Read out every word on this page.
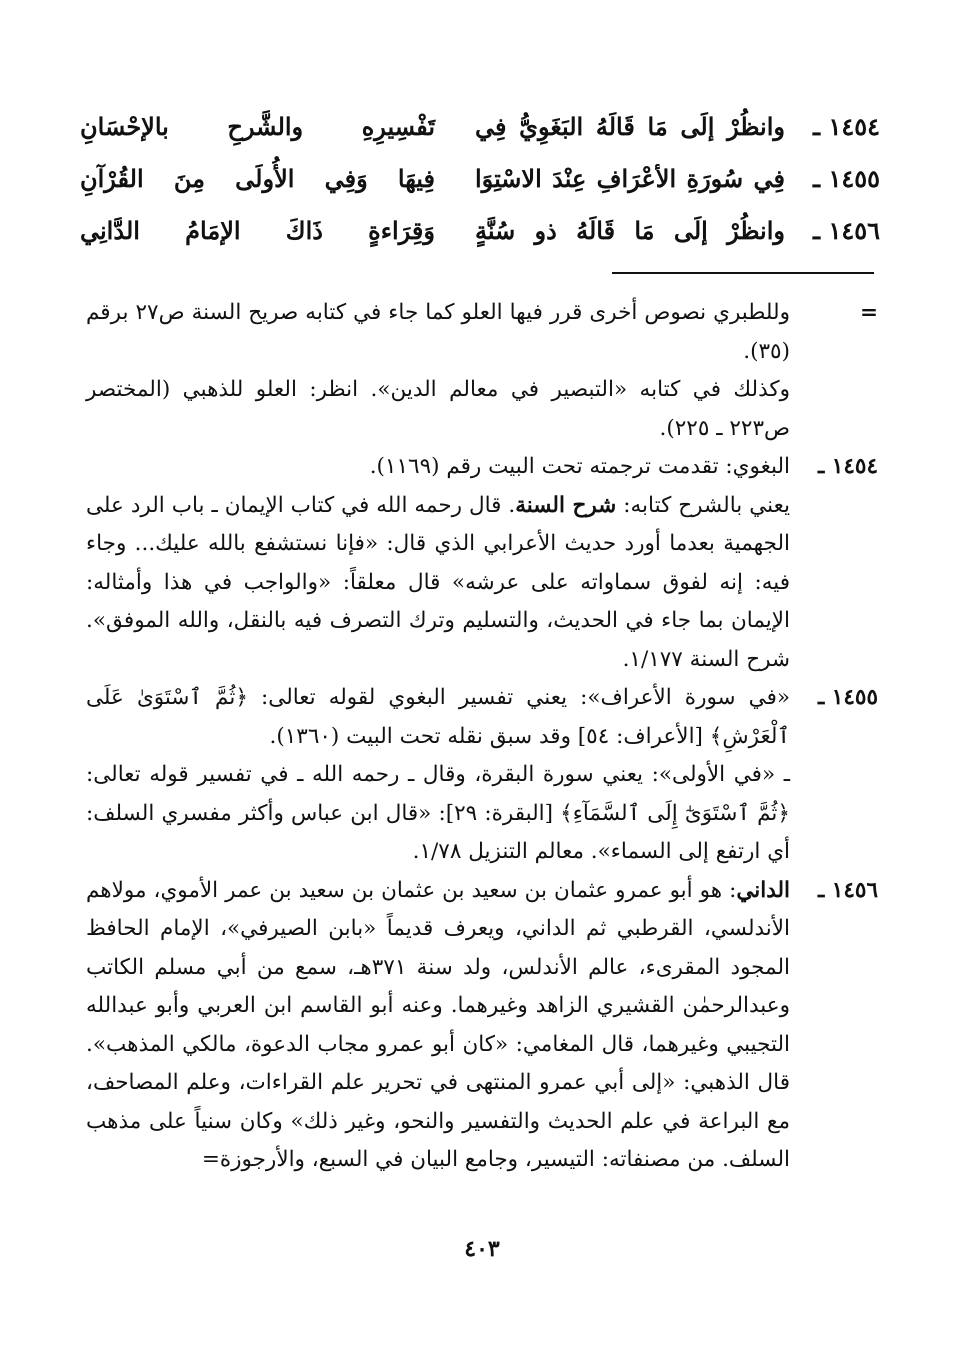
١٤٥٤ ـ
وانظُرْ إلَى مَا قَالَهُ البَغَوِيُّ فِي
تَفْسِيرِهِ والشَّرحِ بالإحْسَانِ
١٤٥٥ ـ
فِي سُورَةِ الأعْرَافِ عِنْدَ الاسْتِوَا
فِيهَا وَفِي الأُولَى مِنَ القُرْآنِ
١٤٥٦ ـ
وانظُرْ إلَى مَا قَالَهُ ذو سُنَّةٍ
وَقِرَاءةٍ ذَاكَ الإمَامُ الدَّانِي
=

وللطبري نصوص أخرى قرر فيها العلو كما جاء في كتابه صريح السنة ص٢٧ برقم (٣٥).

وكذلك في كتابه «التبصير في معالم الدين». انظر: العلو للذهبي (المختصر ص٢٢٣ ـ ٢٢٥).

١٤٥٤ ـ

البغوي: تقدمت ترجمته تحت البيت رقم (١١٦٩).

يعني بالشرح كتابه: شرح السنة. قال رحمه الله في كتاب الإيمان ـ باب الرد على الجهمية بعدما أورد حديث الأعرابي الذي قال: «فإنا نستشفع بالله عليك... وجاء فيه: إنه لفوق سماواته على عرشه» قال معلقاً: «والواجب في هذا وأمثاله: الإيمان بما جاء في الحديث، والتسليم وترك التصرف فيه بالنقل، والله الموفق». شرح السنة ١/١٧٧.

١٤٥٥ ـ

«في سورة الأعراف»: يعني تفسير البغوي لقوله تعالى: ﴿ثُمَّ ٱسْتَوَىٰ عَلَى ٱلْعَرْشِ﴾ [الأعراف: ٥٤] وقد سبق نقله تحت البيت (١٣٦٠).

ـ «في الأولى»: يعني سورة البقرة، وقال ـ رحمه الله ـ في تفسير قوله تعالى: ﴿ثُمَّ ٱسْتَوَىٰٓ إِلَى ٱلسَّمَآءِ﴾ [البقرة: ٢٩]: «قال ابن عباس وأكثر مفسري السلف: أي ارتفع إلى السماء». معالم التنزيل ١/٧٨.

١٤٥٦ ـ

الداني: هو أبو عمرو عثمان بن سعيد بن عثمان بن سعيد بن عمر الأموي، مولاهم الأندلسي، القرطبي ثم الداني، ويعرف قديماً «بابن الصيرفي»، الإمام الحافظ المجود المقرىء، عالم الأندلس، ولد سنة ٣٧١هـ، سمع من أبي مسلم الكاتب وعبدالرحمٰن القشيري الزاهد وغيرهما. وعنه أبو القاسم ابن العربي وأبو عبدالله التجيبي وغيرهما، قال المغامي: «كان أبو عمرو مجاب الدعوة، مالكي المذهب». قال الذهبي: «إلى أبي عمرو المنتهى في تحرير علم القراءات، وعلم المصاحف، مع البراعة في علم الحديث والتفسير والنحو، وغير ذلك» وكان سنياً على مذهب السلف. من مصنفاته: التيسير، وجامع البيان في السبع، والأرجوزة=

٤٠٣
